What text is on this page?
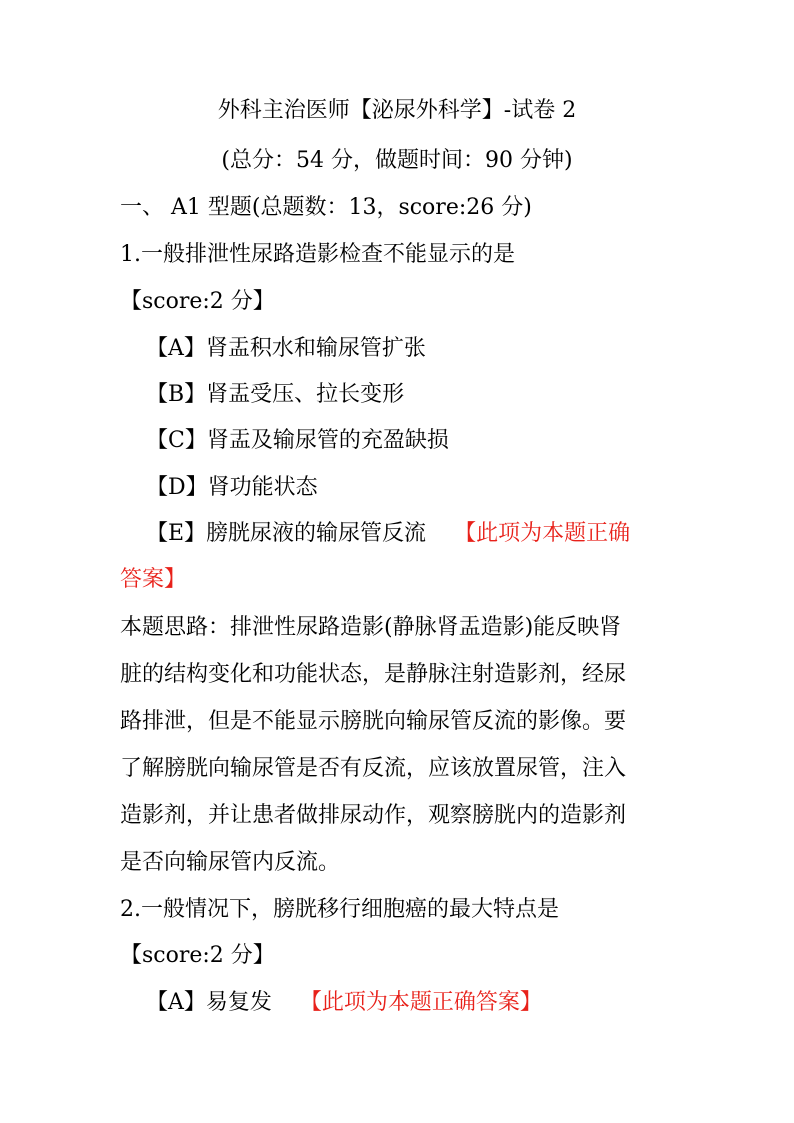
外科主治医师【泌尿外科学】-试卷 2
(总分：54 分，做题时间：90 分钟)
一、 A1 型题(总题数：13，score:26 分)
1.一般排泄性尿路造影检查不能显示的是
【score:2 分】
【A】肾盂积水和输尿管扩张
【B】肾盂受压、拉长变形
【C】肾盂及输尿管的充盈缺损
【D】肾功能状态
【E】膀胱尿液的输尿管反流 【此项为本题正确
答案】
本题思路：排泄性尿路造影(静脉肾盂造影)能反映肾
脏的结构变化和功能状态，是静脉注射造影剂，经尿
路排泄，但是不能显示膀胱向输尿管反流的影像。要
了解膀胱向输尿管是否有反流，应该放置尿管，注入
造影剂，并让患者做排尿动作，观察膀胱内的造影剂
是否向输尿管内反流。
2.一般情况下，膀胱移行细胞癌的最大特点是
【score:2 分】
【A】易复发 【此项为本题正确答案】
